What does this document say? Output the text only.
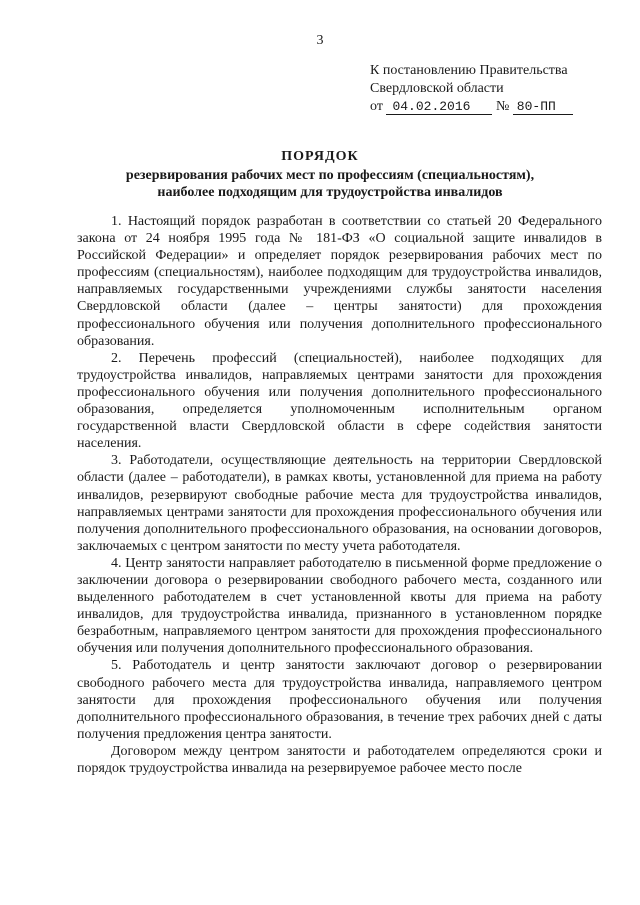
3
К постановлению Правительства
Свердловской области
от 04.02.2016 № 80-ПП
ПОРЯДОК
резервирования рабочих мест по профессиям (специальностям), наиболее подходящим для трудоустройства инвалидов

1. Настоящий порядок разработан в соответствии со статьей 20 Федерального закона от 24 ноября 1995 года № 181-ФЗ «О социальной защите инвалидов в Российской Федерации» и определяет порядок резервирования рабочих мест по профессиям (специальностям), наиболее подходящим для трудоустройства инвалидов, направляемых государственными учреждениями службы занятости населения Свердловской области (далее – центры занятости) для прохождения профессионального обучения или получения дополнительного профессионального образования.

2. Перечень профессий (специальностей), наиболее подходящих для трудоустройства инвалидов, направляемых центрами занятости для прохождения профессионального обучения или получения дополнительного профессионального образования, определяется уполномоченным исполнительным органом государственной власти Свердловской области в сфере содействия занятости населения.

3. Работодатели, осуществляющие деятельность на территории Свердловской области (далее – работодатели), в рамках квоты, установленной для приема на работу инвалидов, резервируют свободные рабочие места для трудоустройства инвалидов, направляемых центрами занятости для прохождения профессионального обучения или получения дополнительного профессионального образования, на основании договоров, заключаемых с центром занятости по месту учета работодателя.

4. Центр занятости направляет работодателю в письменной форме предложение о заключении договора о резервировании свободного рабочего места, созданного или выделенного работодателем в счет установленной квоты для приема на работу инвалидов, для трудоустройства инвалида, признанного в установленном порядке безработным, направляемого центром занятости для прохождения профессионального обучения или получения дополнительного профессионального образования.

5. Работодатель и центр занятости заключают договор о резервировании свободного рабочего места для трудоустройства инвалида, направляемого центром занятости для прохождения профессионального обучения или получения дополнительного профессионального образования, в течение трех рабочих дней с даты получения предложения центра занятости.

Договором между центром занятости и работодателем определяются сроки и порядок трудоустройства инвалида на резервируемое рабочее место после
